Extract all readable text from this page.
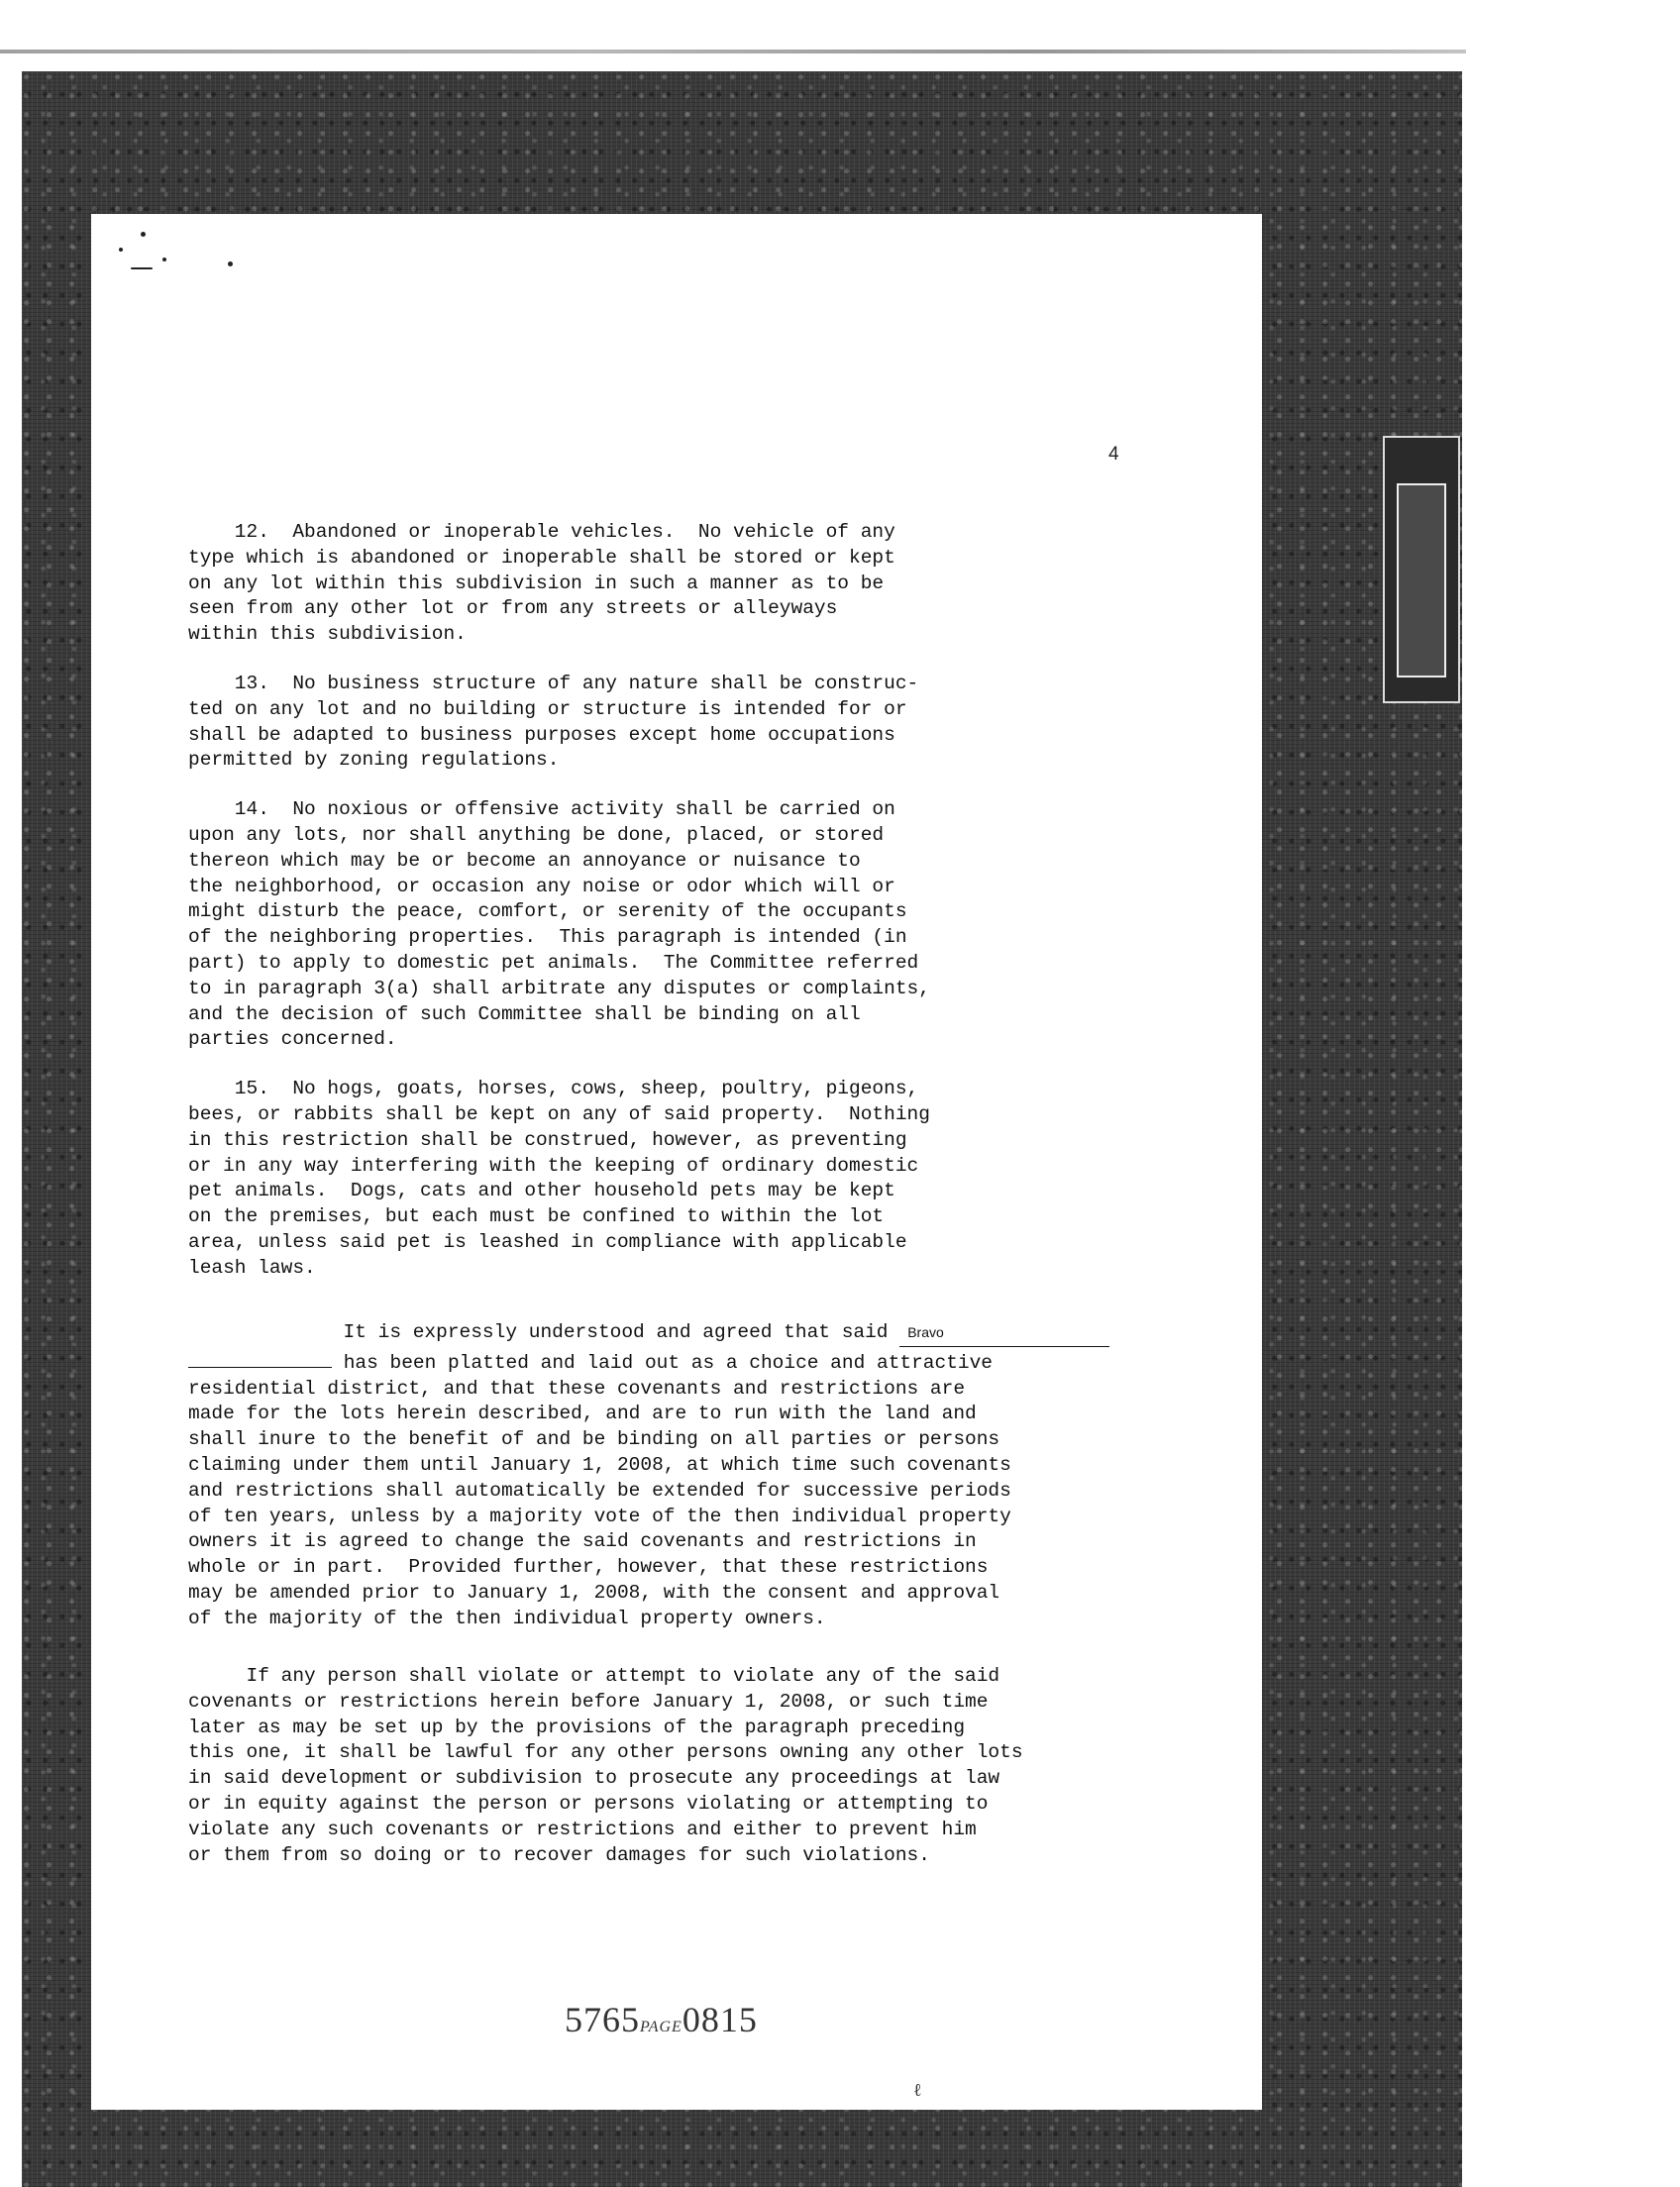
4
12.  Abandoned or inoperable vehicles.  No vehicle of any
type which is abandoned or inoperable shall be stored or kept
on any lot within this subdivision in such a manner as to be
seen from any other lot or from any streets or alleyways
within this subdivision.
13.  No business structure of any nature shall be construc-
ted on any lot and no building or structure is intended for or
shall be adapted to business purposes except home occupations
permitted by zoning regulations.
14.  No noxious or offensive activity shall be carried on
upon any lots, nor shall anything be done, placed, or stored
thereon which may be or become an annoyance or nuisance to
the neighborhood, or occasion any noise or odor which will or
might disturb the peace, comfort, or serenity of the occupants
of the neighboring properties.  This paragraph is intended (in
part) to apply to domestic pet animals.  The Committee referred
to in paragraph 3(a) shall arbitrate any disputes or complaints,
and the decision of such Committee shall be binding on all
parties concerned.
15.  No hogs, goats, horses, cows, sheep, poultry, pigeons,
bees, or rabbits shall be kept on any of said property.  Nothing
in this restriction shall be construed, however, as preventing
or in any way interfering with the keeping of ordinary domestic
pet animals.  Dogs, cats and other household pets may be kept
on the premises, but each must be confined to within the lot
area, unless said pet is leashed in compliance with applicable
leash laws.
It is expressly understood and agreed that said Bravo
has been platted and laid out as a choice and attractive
residential district, and that these covenants and restrictions are
made for the lots herein described, and are to run with the land and
shall inure to the benefit of and be binding on all parties or persons
claiming under them until January 1, 2008, at which time such covenants
and restrictions shall automatically be extended for successive periods
of ten years, unless by a majority vote of the then individual property
owners it is agreed to change the said covenants and restrictions in
whole or in part.  Provided further, however, that these restrictions
may be amended prior to January 1, 2008, with the consent and approval
of the majority of the then individual property owners.
If any person shall violate or attempt to violate any of the said
covenants or restrictions herein before January 1, 2008, or such time
later as may be set up by the provisions of the paragraph preceding
this one, it shall be lawful for any other persons owning any other lots
in said development or subdivision to prosecute any proceedings at law
or in equity against the person or persons violating or attempting to
violate any such covenants or restrictions and either to prevent him
or them from so doing or to recover damages for such violations.
5765PAGE0815
ℓ
